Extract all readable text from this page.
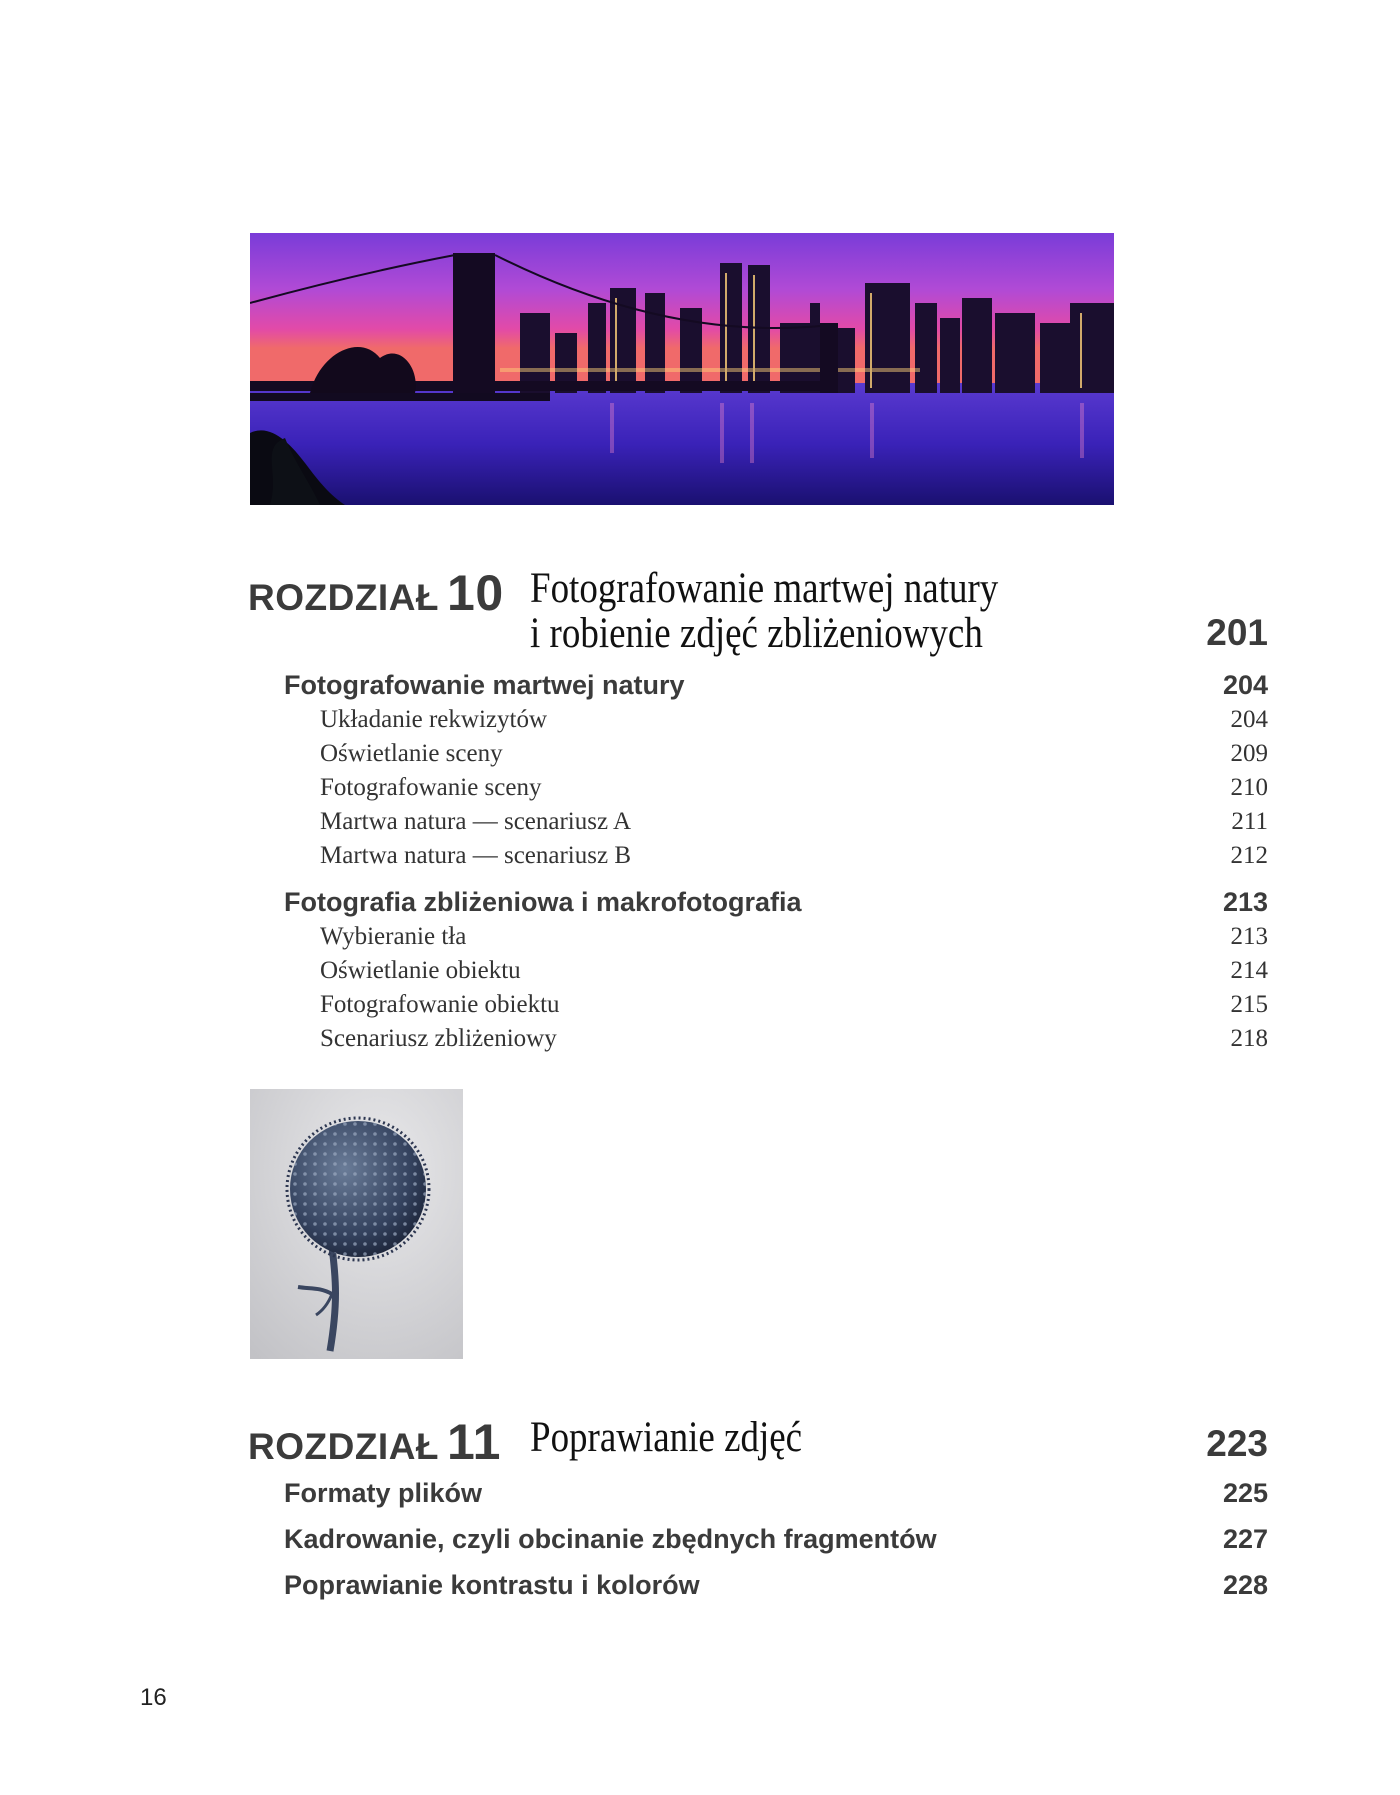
ROZDZIAŁ 10 Fotografowanie martwej natury
i robienie zdjęć zbliżeniowych	201
Fotografowanie martwej natury	204
Układanie rekwizytów	204
Oświetlanie sceny	209
Fotografowanie sceny	210
Martwa natura — scenariusz A	211
Martwa natura — scenariusz B	212
Fotografia zbliżeniowa i makrofotografia	213
Wybieranie tła	213
Oświetlanie obiektu	214
Fotografowanie obiektu	215
Scenariusz zbliżeniowy	218
ROZDZIAŁ 11 Poprawianie zdjęć	223
Formaty plików	225
Kadrowanie, czyli obcinanie zbędnych fragmentów	227
Poprawianie kontrastu i kolorów	228
16
